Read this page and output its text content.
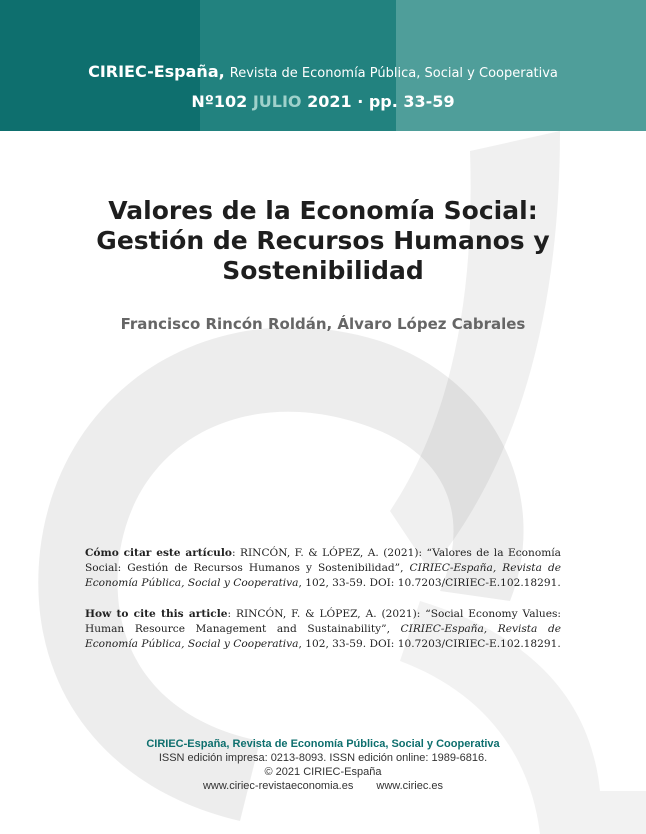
CIRIEC-España, Revista de Economía Pública, Social y Cooperativa
Nº102 JULIO 2021 · pp. 33-59
Valores de la Economía Social:
Gestión de Recursos Humanos y
Sostenibilidad
Francisco Rincón Roldán, Álvaro López Cabrales
Cómo citar este artículo: RINCÓN, F. & LÓPEZ, A. (2021): “Valores de la Economía Social: Gestión de Recursos Humanos y Sostenibilidad”, CIRIEC-España, Revista de Economía Pública, Social y Cooperativa, 102, 33-59. DOI: 10.7203/CIRIEC-E.102.18291.
How to cite this article: RINCÓN, F. & LÓPEZ, A. (2021): “Social Economy Values: Human Resource Management and Sustainability”, CIRIEC-España, Revista de Economía Pública, Social y Cooperativa, 102, 33-59. DOI: 10.7203/CIRIEC-E.102.18291.
CIRIEC-España, Revista de Economía Pública, Social y Cooperativa
ISSN edición impresa: 0213-8093. ISSN edición online: 1989-6816.
© 2021 CIRIEC-España
www.ciriec-revistaeconomia.es www.ciriec.es
